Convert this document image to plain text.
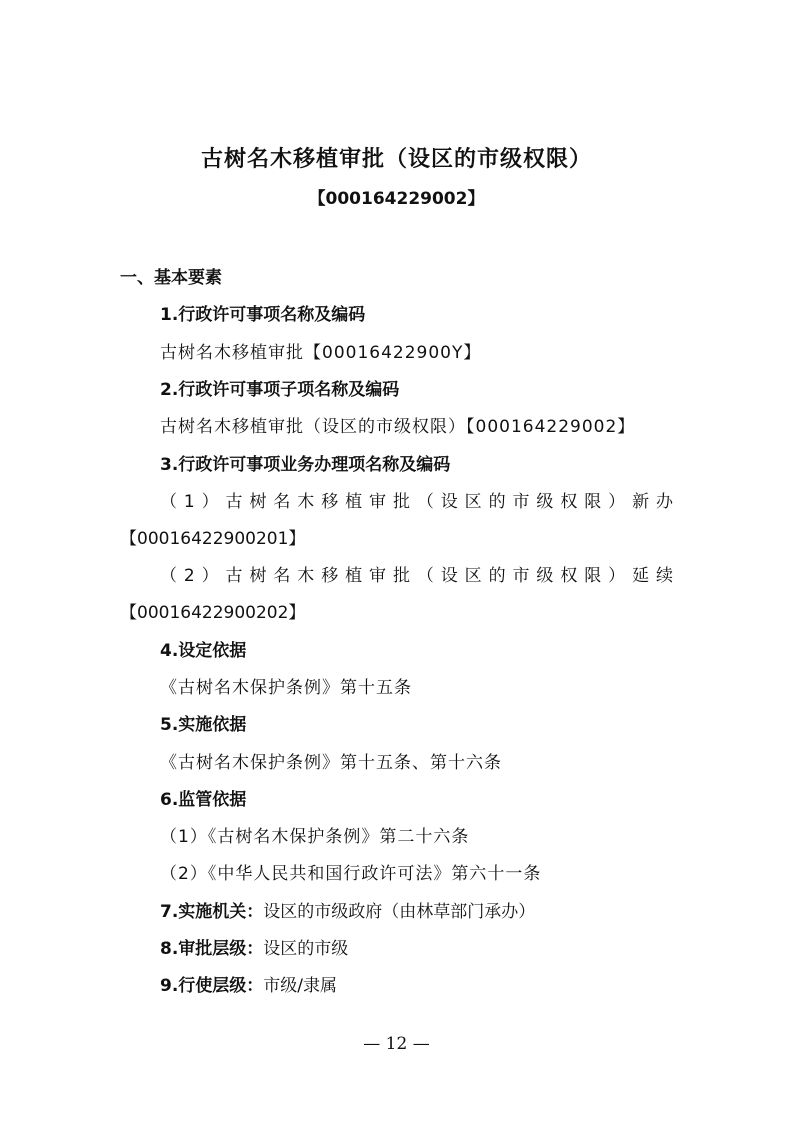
古树名木移植审批（设区的市级权限）
【000164229002】
一、基本要素
1.行政许可事项名称及编码
古树名木移植审批【00016422900Y】
2.行政许可事项子项名称及编码
古树名木移植审批（设区的市级权限）【000164229002】
3.行政许可事项业务办理项名称及编码
（1）古树名木移植审批（设区的市级权限）新办
【00016422900201】
（2）古树名木移植审批（设区的市级权限）延续
【00016422900202】
4.设定依据
《古树名木保护条例》第十五条
5.实施依据
《古树名木保护条例》第十五条、第十六条
6.监管依据
（1）《古树名木保护条例》第二十六条
（2）《中华人民共和国行政许可法》第六十一条
7.实施机关：设区的市级政府（由林草部门承办）
8.审批层级：设区的市级
9.行使层级：市级/隶属
— 12 —
